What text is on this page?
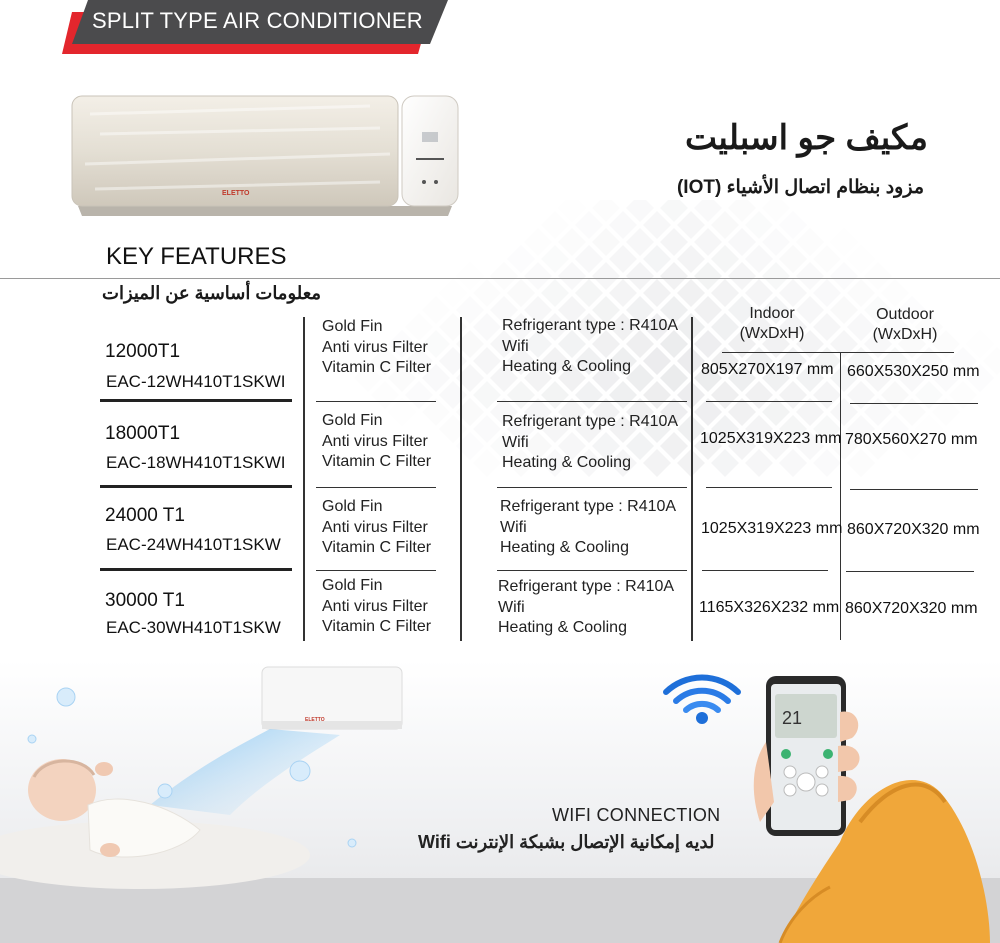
SPLIT TYPE AIR CONDITIONER
ELETTO
مكيف جو اسبليت
مزود بنظام اتصال الأشياء (IOT)
KEY FEATURES
معلومات أساسية عن الميزات
Indoor
(WxDxH)
Outdoor
(WxDxH)
12000T1
EAC-12WH410T1SKWI
Gold Fin
Anti virus Filter
Vitamin C Filter
Refrigerant type : R410A
Wifi
Heating & Cooling	805X270X197 mm 660X530X250 mm
18000T1
EAC-18WH410T1SKWI
Gold Fin
Anti virus Filter
Vitamin C Filter
Refrigerant type : R410A
Wifi
Heating & Cooling
1025X319X223 mm 780X560X270 mm
24000 T1
EAC-24WH410T1SKW
Gold Fin
Anti virus Filter
Vitamin C Filter
Refrigerant type : R410A
Wifi
Heating & Cooling
1025X319X223 mm 860X720X320 mm
30000 T1
EAC-30WH410T1SKW
Gold Fin
Anti virus Filter
Vitamin C Filter
Refrigerant type : R410A
Wifi
Heating & Cooling
1165X326X232 mm 860X720X320 mm
ELETTO	21
WIFI CONNECTION
لديه إمكانية الإتصال بشبكة الإنترنت Wifi
